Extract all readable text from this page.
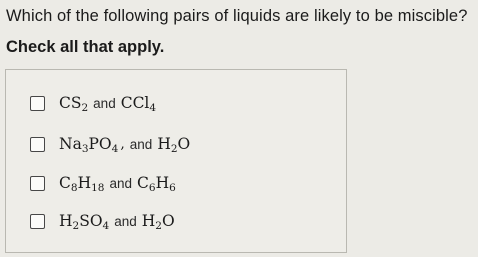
Which of the following pairs of liquids are likely to be miscible?
Check all that apply.
$CS_2$ and CCl$_4$
$Na_3PO_4$ , and $H_2O$
$C_8H_{18}$ and $C_6H_6$
$H_2SO_4$ and $H_2O$
